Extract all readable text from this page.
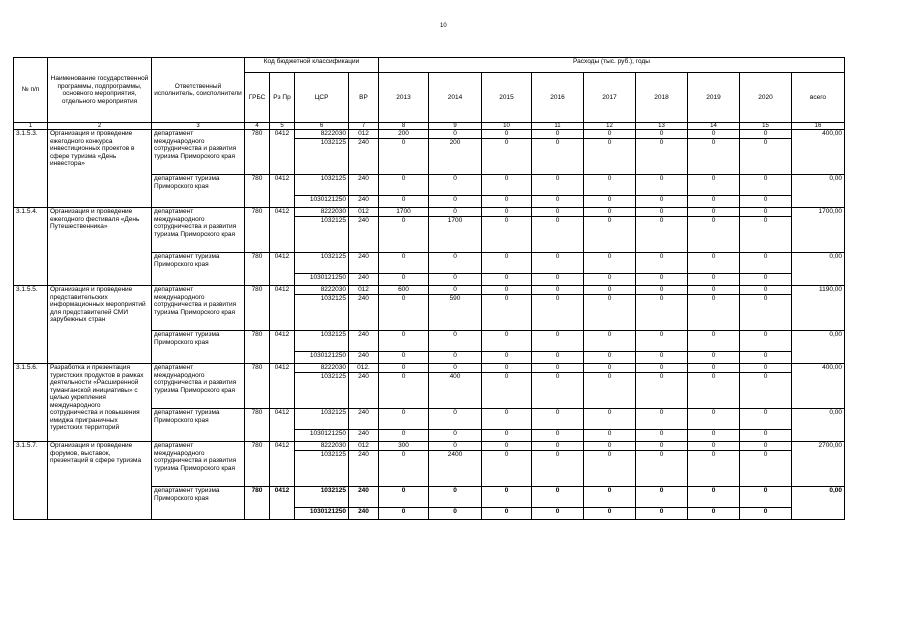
10
№ п/п	Наименование государственной программы, подпрограммы, основного мероприятия, отдельного мероприятия	Ответственный исполнитель, соисполнители	Код бюджетной классификации				Расходы (тыс. руб.), годы								
			ГРБС	Рз Пр	ЦСР	ВР	2013	2014	2015	2016	2017	2018	2019	2020	всего
1	2	3	4	5	6	7	8	9	10	11	12	13	14	15	16
3.1.5.3.	Организация и проведение ежегодного конкурса инвестиционных проектов в сфере туризма «День инвестора»	департамент международного сотрудничества и развития туризма Приморского края	780	0412	8222030	012	200	0	0	0	0	0	0	0	400,00
					1032125	240	0	200	0	0	0	0	0	0	
		департамент туризма Приморского края	780	0412	1032125	240	0	0	0	0	0	0	0	0	0,00
					1030121250	240	0	0	0	0	0	0	0	0	
3.1.5.4.	Организация и проведение ежегодного фестиваля «День Путешественника»	департамент международного сотрудничества и развития туризма Приморского края	780	0412	8222030	012	1700	0	0	0	0	0	0	0	1700,00
					1032125	240	0	1700	0	0	0	0	0	0	
		департамент туризма Приморского края	780	0412	1032125	240	0	0	0	0	0	0	0	0	0,00
					1030121250	240	0	0	0	0	0	0	0	0	
3.1.5.5.	Организация и проведение представительских информационных мероприятий для представителей СМИ зарубежных стран	департамент международного сотрудничества и развития туризма Приморского края	780	0412	8222030	012	600	0	0	0	0	0	0	0	1190,00
					1032125	240	0	590	0	0	0	0	0	0	
		департамент туризма Приморского края	780	0412	1032125	240	0	0	0	0	0	0	0	0	0,00
					1030121250	240	0	0	0	0	0	0	0	0	
3.1.5.6.	Разработка и презентация туристских продуктов в рамках деятельности «Расширенной туманганской инициативы» с целью укрепления международного сотрудничества и повышения имиджа приграничных туристских территорий	департамент международного сотрудничества и развития туризма Приморского края	780	0412	8222030	012.	0	0	0	0	0	0	0	0	400,00
					1032125	240	0	400	0	0	0	0	0	0	
		департамент туризма Приморского края	780	0412	1032125	240	0	0	0	0	0	0	0	0	0,00
					1030121250	240	0	0	0	0	0	0	0	0	
3.1.5.7.	Организация и проведение форумов, выставок, презентаций в сфере туризма	департамент международного сотрудничества и развития туризма Приморского края	780	0412	8222030	012	300	0	0	0	0	0	0	0	2700,00
					1032125	240	0	2400	0	0	0	0	0	0	
		департамент туризма Приморского края	780	0412	1032125	240	0	0	0	0	0	0	0	0	0,00
					1030121250	240	0	0	0	0	0	0	0	0	
